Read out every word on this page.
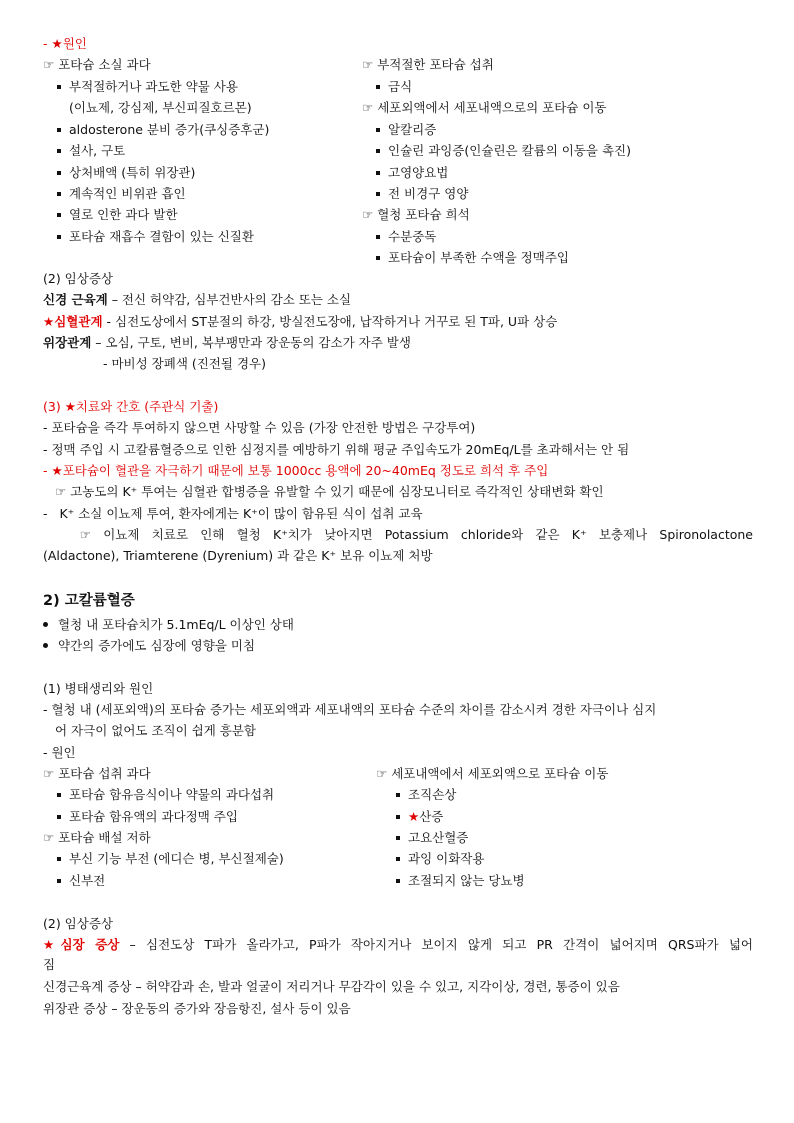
- ★원인
☞ 포타슘 소실 과다
부적절하거나 과도한 약물 사용
(이뇨제, 강심제, 부신피질호르몬)
aldosterone 분비 증가(쿠싱증후군)
설사, 구토
상처배액 (특히 위장관)
계속적인 비위관 흡인
열로 인한 과다 발한
포타슘 재흡수 결함이 있는 신질환
☞ 부적절한 포타슘 섭취
금식
☞ 세포외액에서 세포내액으로의 포타슘 이동
알칼리증
인슐린 과잉증(인슐린은 칼륨의 이동을 촉진)
고영양요법
전 비경구 영양
☞ 혈청 포타슘 희석
수분중독
포타슘이 부족한 수액을 정맥주입
(2) 임상증상
신경 근육계 – 전신 허약감, 심부건반사의 감소 또는 소실
★심혈관계 - 심전도상에서 ST분절의 하강, 방실전도장애, 납작하거나 거꾸로 된 T파, U파 상승
위장관계 – 오심, 구토, 변비, 복부팽만과 장운동의 감소가 자주 발생
- 마비성 장폐색 (진전될 경우)
(3) ★치료와 간호 (주관식 기출)
- 포타슘을 즉각 투여하지 않으면 사망할 수 있음 (가장 안전한 방법은 구강투여)
- 정맥 주입 시 고칼륨혈증으로 인한 심정지를 예방하기 위해 평균 주입속도가 20mEq/L를 초과해서는 안 됨
- ★포타슘이 혈관을 자극하기 때문에 보통 1000cc 용액에 20~40mEq 정도로 희석 후 주입
☞ 고농도의 K⁺ 투여는 심혈관 합병증을 유발할 수 있기 때문에 심장모니터로 즉각적인 상태변화 확인
-   K⁺ 소실 이뇨제 투여, 환자에게는 K⁺이 많이 함유된 식이 섭취 교육
☞ 이뇨제 치료로 인해 혈청 K⁺치가 낮아지면 Potassium chloride와 같은 K⁺ 보충제나 Spironolactone
(Aldactone), Triamterene (Dyrenium) 과 같은 K⁺ 보유 이뇨제 처방
2) 고칼륨혈증
혈청 내 포타슘치가 5.1mEq/L 이상인 상태
약간의 증가에도 심장에 영향을 미침
(1) 병태생리와 원인
- 혈청 내 (세포외액)의 포타슘 증가는 세포외액과 세포내액의 포타슘 수준의 차이를 감소시켜 경한 자극이나 심지
어 자극이 없어도 조직이 쉽게 흥분함
- 원인
☞ 포타슘 섭취 과다
포타슘 함유음식이나 약물의 과다섭취
포타슘 함유액의 과다정맥 주입
☞ 포타슘 배설 저하
부신 기능 부전 (에디슨 병, 부신절제술)
신부전
☞ 세포내액에서 세포외액으로 포타슘 이동
조직손상
★산증
고요산혈증
과잉 이화작용
조절되지 않는 당뇨병
(2) 임상증상
★심장 증상 – 심전도상 T파가 올라가고, P파가 작아지거나 보이지 않게 되고 PR 간격이 넓어지며 QRS파가 넓어
짐
신경근육계 증상 – 허약감과 손, 발과 얼굴이 저리거나 무감각이 있을 수 있고, 지각이상, 경련, 통증이 있음
위장관 증상 – 장운동의 증가와 장음항진, 설사 등이 있음
